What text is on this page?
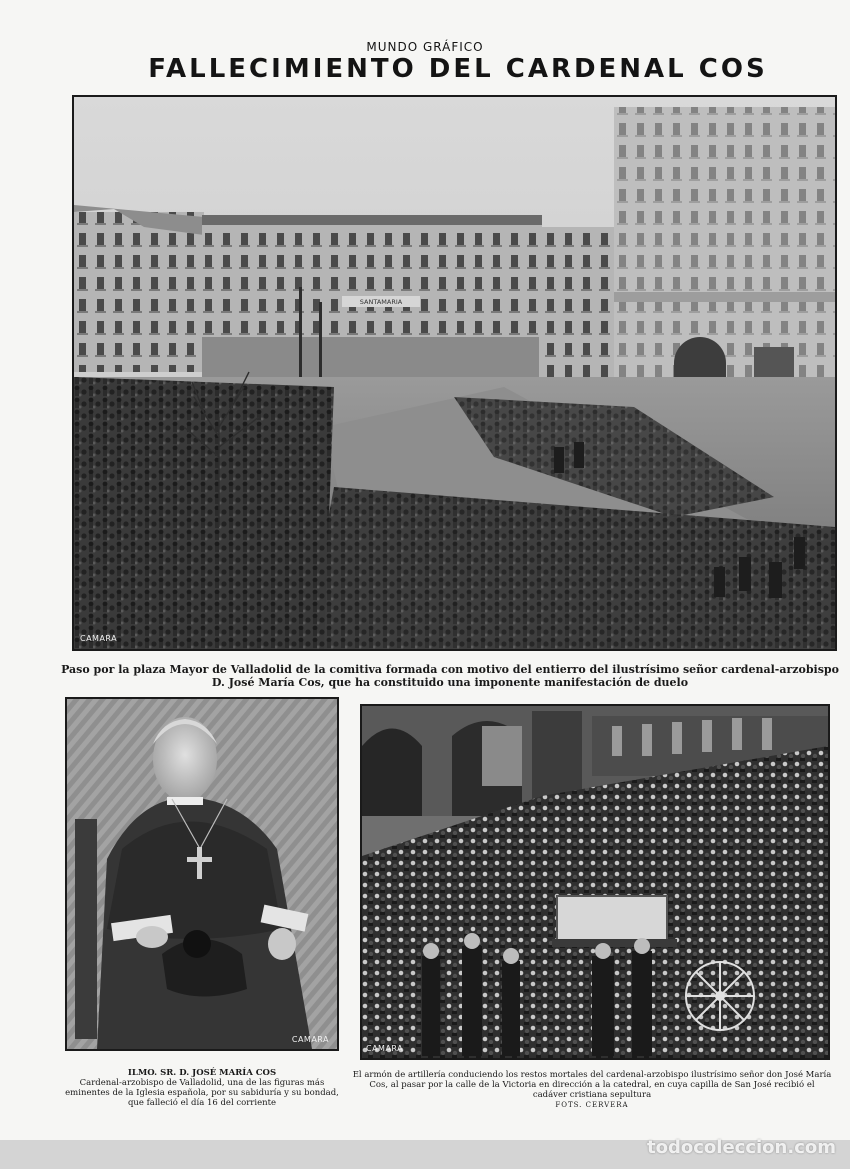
MUNDO GRÁFICO
FALLECIMIENTO DEL CARDENAL COS
SANTAMARIA
CAMARA
Paso por la plaza Mayor de Valladolid de la comitiva formada con motivo del entierro del ilustrísimo señor cardenal-arzobispo
D. José María Cos, que ha constituido una imponente manifestación de duelo
CAMARA
CAMARA
ILMO. SR. D. JOSÉ MARÍA COS
Cardenal-arzobispo de Valladolid, una de las figuras más eminentes de la Iglesia española, por su sabiduría y su bondad, que falleció el día 16 del corriente
El armón de artillería conduciendo los restos mortales del cardenal-arzobispo ilustrísimo señor don José María Cos, al pasar por la calle de la Victoria en dirección a la catedral, en cuya capilla de San José recibió el cadáver cristiana sepultura
FOTS. CERVERA
todocoleccion.com
